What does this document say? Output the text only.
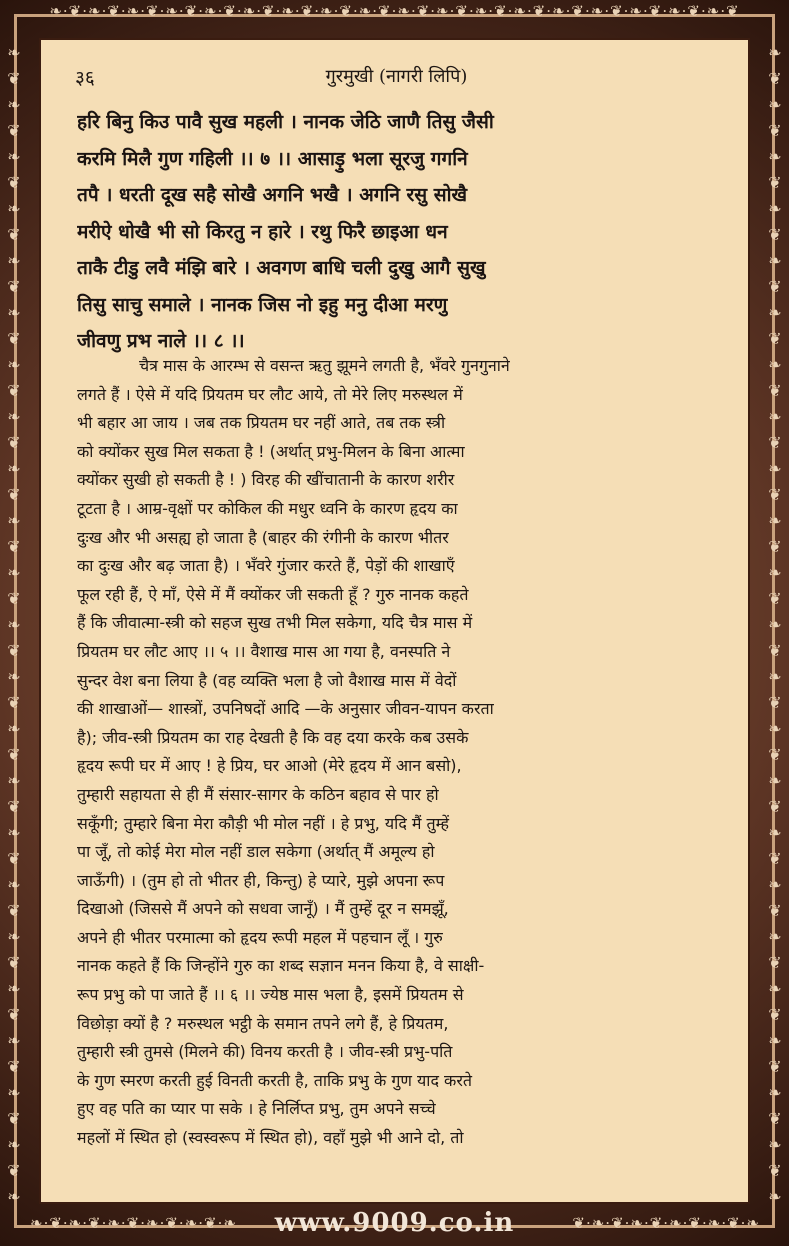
❧·❦·❧·❦·❧·❦·❧·❦·❧·❦·❧·❦·❧·❦·❧·❦·❧·❦·❧·❦·❧·❦·❧·❦·❧·❦·❧·❦·❧·❦·❧·❦·❧·❦·❧·❦
❧
❦
❧
❦
❧
❦
❧
❦
❧
❦
❧
❦
❧
❦
❧
❦
❧
❦
❧
❦
❧
❦
❧
❦
❧
❦
❧
❦
❧
❦
❧
❦
❧
❦
❧
❦
❧
❦
❧
❦
❧
❦
❧
❦
❧
❧
❦
❧
❦
❧
❦
❧
❦
❧
❦
❧
❦
❧
❦
❧
❦
❧
❦
❧
❦
❧
❦
❧
❦
❧
❦
❧
❦
❧
❦
❧
❦
❧
❦
❧
❦
❧
❦
❧
❦
❧
❦
❧
❦
❧
❧·❦·❧·❦·❧·❦·❧·❦·❧·❦·❧	❦·❧·❦·❧·❦·❧·❦·❧·❦·❧
www.9009.co.in
३६	गुरमुखी (नागरी लिपि)
हरि बिनु किउ पावै सुख महली । नानक जेठि जाणै तिसु जैसी
करमि मिलै गुण गहिली ।। ७ ।। आसाड़ु भला सूरजु गगनि
तपै । धरती दूख सहै सोखै अगनि भखै । अगनि रसु सोखै
मरीऐ धोखै भी सो किरतु न हारे । रथु फिरै छाइआ धन
ताकै टीडु लवै मंझि बारे । अवगण बाधि चली दुखु आगै सुखु
तिसु साचु समाले । नानक जिस नो इहु मनु दीआ मरणु
जीवणु प्रभ नाले ।। ८ ।।
चैत्र मास के आरम्भ से वसन्त ऋतु झूमने लगती है, भँवरे गुनगुनाने
लगते हैं । ऐसे में यदि प्रियतम घर लौट आये, तो मेरे लिए मरुस्थल में
भी बहार आ जाय । जब तक प्रियतम घर नहीं आते, तब तक स्त्री
को क्योंकर सुख मिल सकता है ! (अर्थात् प्रभु-मिलन के बिना आत्मा
क्योंकर सुखी हो सकती है ! ) विरह की खींचातानी के कारण शरीर
टूटता है । आम्र-वृक्षों पर कोकिल की मधुर ध्वनि के कारण हृदय का
दुःख और भी असह्य हो जाता है (बाहर की रंगीनी के कारण भीतर
का दुःख और बढ़ जाता है) । भँवरे गुंजार करते हैं, पेड़ों की शाखाएँ
फूल रही हैं, ऐ माँ, ऐसे में मैं क्योंकर जी सकती हूँ ? गुरु नानक कहते
हैं कि जीवात्मा-स्त्री को सहज सुख तभी मिल सकेगा, यदि चैत्र मास में
प्रियतम घर लौट आए ।। ५ ।। वैशाख मास आ गया है, वनस्पति ने
सुन्दर वेश बना लिया है (वह व्यक्ति भला है जो वैशाख मास में वेदों
की शाखाओं— शास्त्रों, उपनिषदों आदि —के अनुसार जीवन-यापन करता
है); जीव-स्त्री प्रियतम का राह देखती है कि वह दया करके कब उसके
हृदय रूपी घर में आए ! हे प्रिय, घर आओ (मेरे हृदय में आन बसो),
तुम्हारी सहायता से ही मैं संसार-सागर के कठिन बहाव से पार हो
सकूँगी; तुम्हारे बिना मेरा कौड़ी भी मोल नहीं । हे प्रभु, यदि मैं तुम्हें
पा जूँ, तो कोई मेरा मोल नहीं डाल सकेगा (अर्थात् मैं अमूल्य हो
जाऊँगी) । (तुम हो तो भीतर ही, किन्तु) हे प्यारे, मुझे अपना रूप
दिखाओ (जिससे मैं अपने को सधवा जानूँ) । मैं तुम्हें दूर न समझूँ,
अपने ही भीतर परमात्मा को हृदय रूपी महल में पहचान लूँ । गुरु
नानक कहते हैं कि जिन्होंने गुरु का शब्द सज्ञान मनन किया है, वे साक्षी-
रूप प्रभु को पा जाते हैं ।। ६ ।। ज्येष्ठ मास भला है, इसमें प्रियतम से
विछोड़ा क्यों है ? मरुस्थल भट्ठी के समान तपने लगे हैं, हे प्रियतम,
तुम्हारी स्त्री तुमसे (मिलने की) विनय करती है । जीव-स्त्री प्रभु-पति
के गुण स्मरण करती हुई विनती करती है, ताकि प्रभु के गुण याद करते
हुए वह पति का प्यार पा सके । हे निर्लिप्त प्रभु, तुम अपने सच्चे
महलों में स्थित हो (स्वस्वरूप में स्थित हो), वहाँ मुझे भी आने दो, तो
